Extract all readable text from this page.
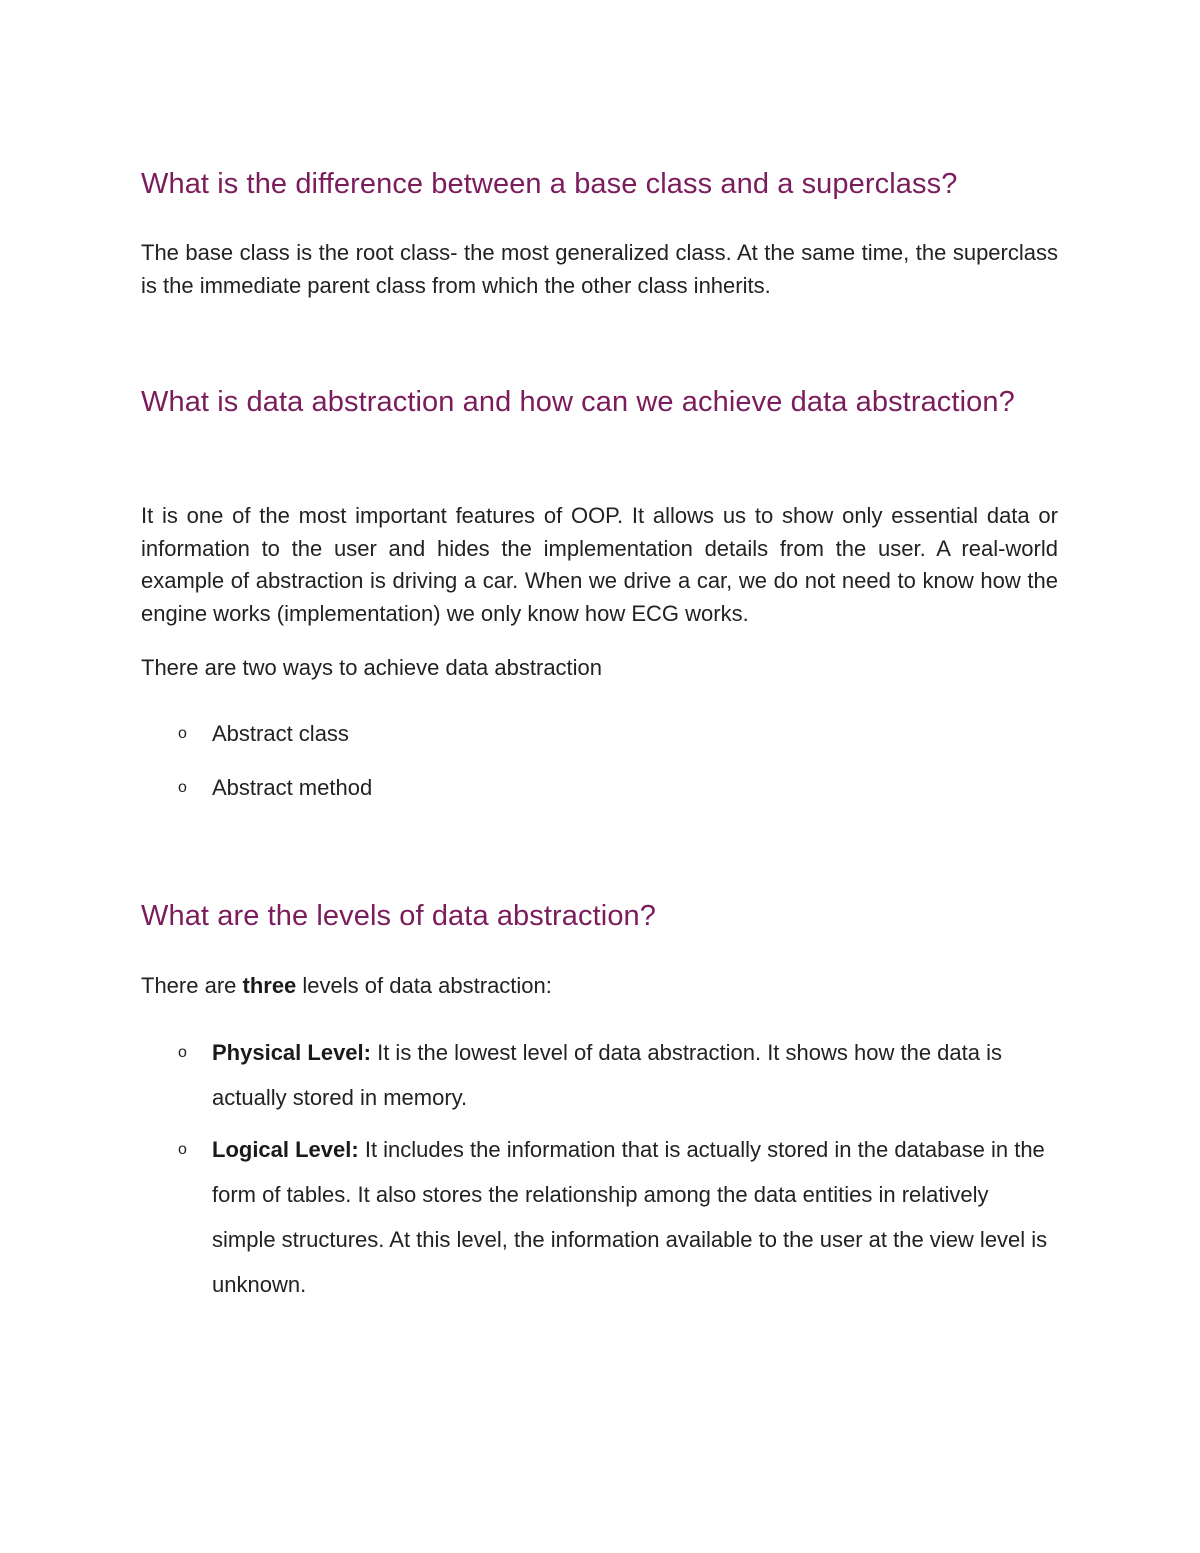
What is the difference between a base class and a superclass?

The base class is the root class- the most generalized class. At the same time, the superclass is the immediate parent class from which the other class inherits.

What is data abstraction and how can we achieve data abstraction?

It is one of the most important features of OOP. It allows us to show only essential data or information to the user and hides the implementation details from the user. A real-world example of abstraction is driving a car. When we drive a car, we do not need to know how the engine works (implementation) we only know how ECG works.

There are two ways to achieve data abstraction

o Abstract class
o Abstract method
What are the levels of data abstraction?

There are three levels of data abstraction:

o Physical Level: It is the lowest level of data abstraction. It shows how the data is actually stored in memory.
o Logical Level: It includes the information that is actually stored in the database in the form of tables. It also stores the relationship among the data entities in relatively simple structures. At this level, the information available to the user at the view level is unknown.
